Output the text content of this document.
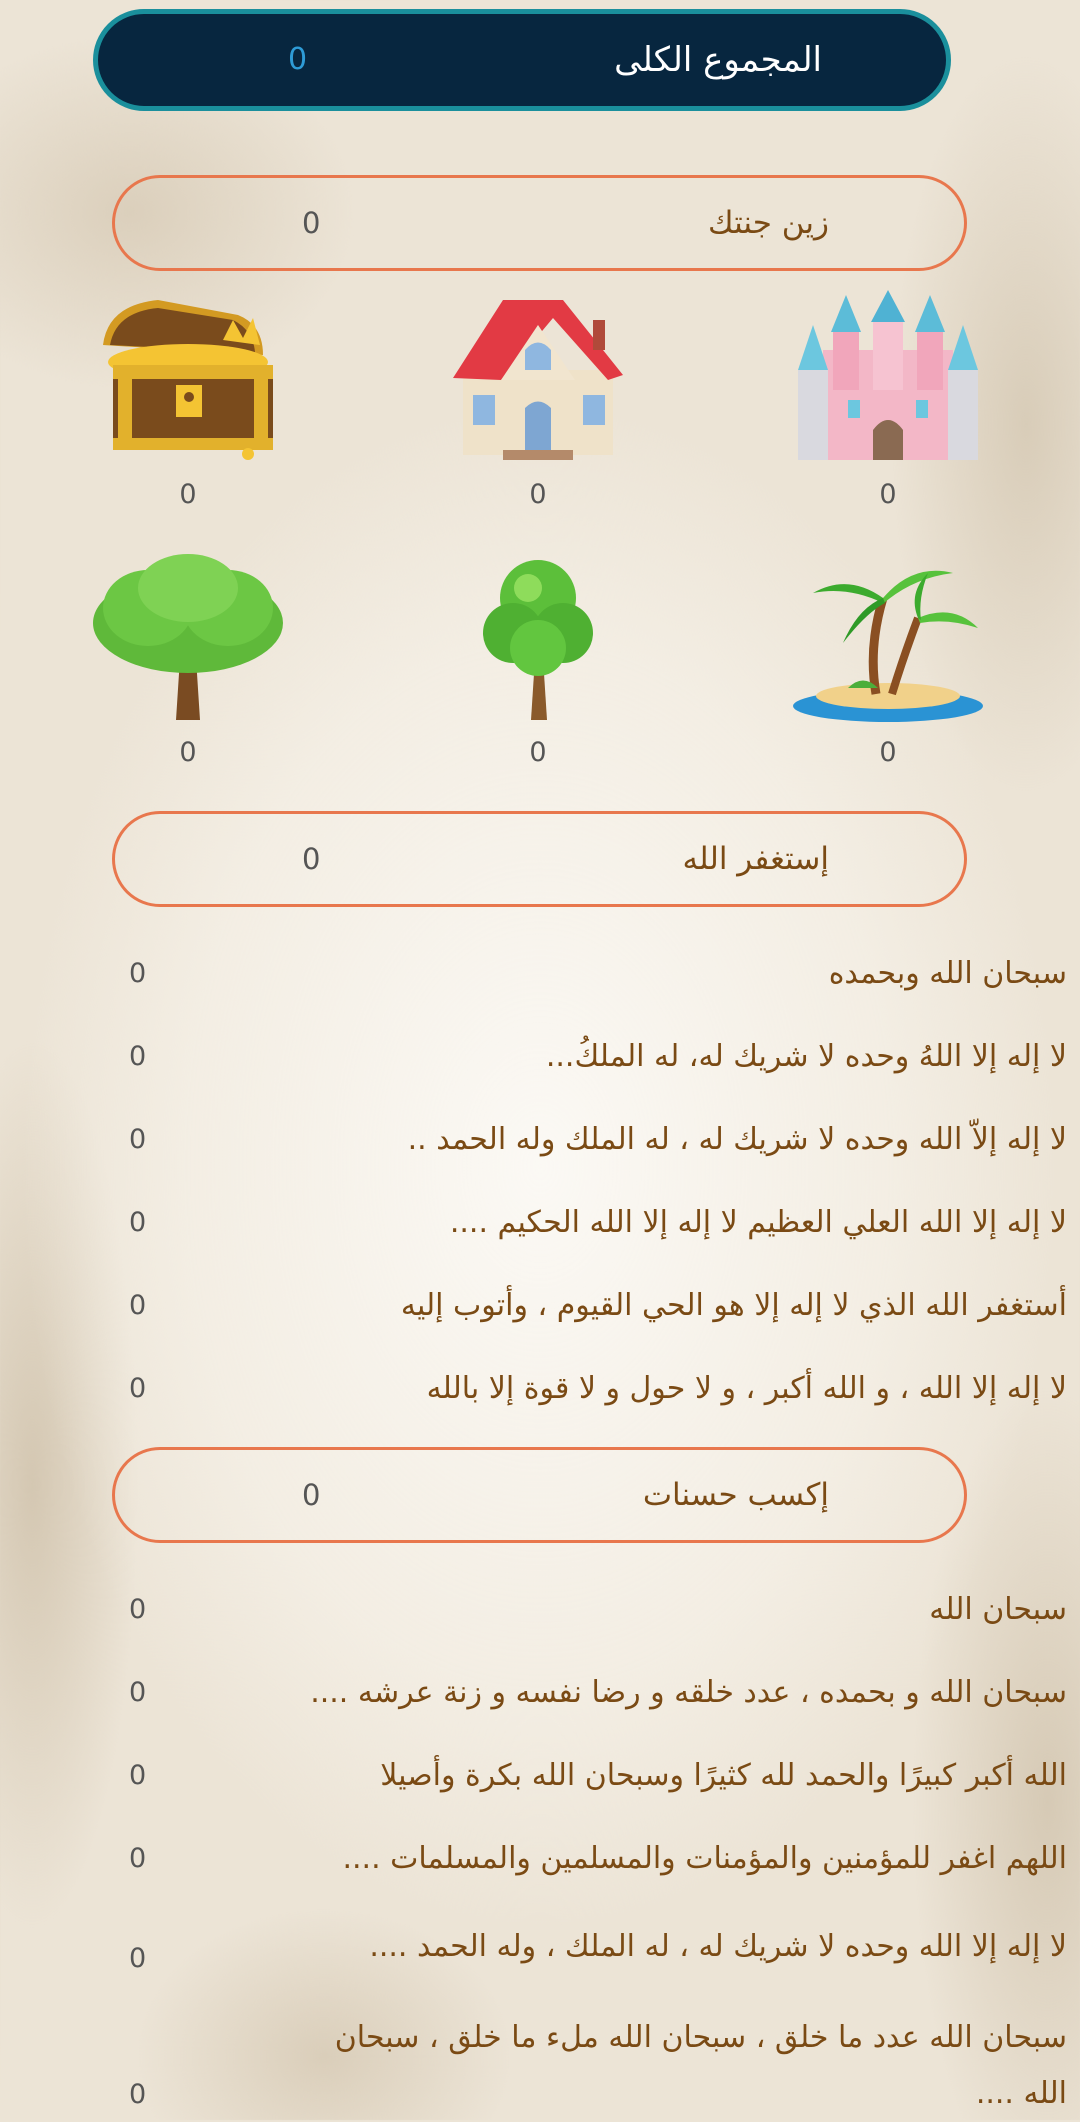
المجموع الكلى
0
زين جنتك
0
0
0
0
0
0
0
إستغفر الله
0
سبحان الله وبحمده
0
لا إله إلا اللهُ وحده لا شريك له، له الملكُ...
0
لا إله إلاّ الله وحده لا شريك له ، له الملك وله الحمد ..
0
لا إله إلا الله العلي العظيم لا إله إلا الله الحكيم ....
0
أستغفر الله الذي لا إله إلا هو الحي القيوم ، وأتوب إليه
0
لا إله إلا الله ، و الله أكبر ، و لا حول و لا قوة إلا بالله
0
إكسب حسنات
0
سبحان الله
0
سبحان الله و بحمده ، عدد خلقه و رضا نفسه و زنة عرشه ....
0
الله أكبر كبيرًا والحمد لله كثيرًا وسبحان الله بكرة وأصيلا
0
اللهم اغفر للمؤمنين والمؤمنات والمسلمين والمسلمات ....
0
لا إله إلا الله وحده لا شريك له ، له الملك ، وله الحمد ....
0
سبحان الله عدد ما خلق ، سبحان الله ملء ما خلق ، سبحان الله ....
0
